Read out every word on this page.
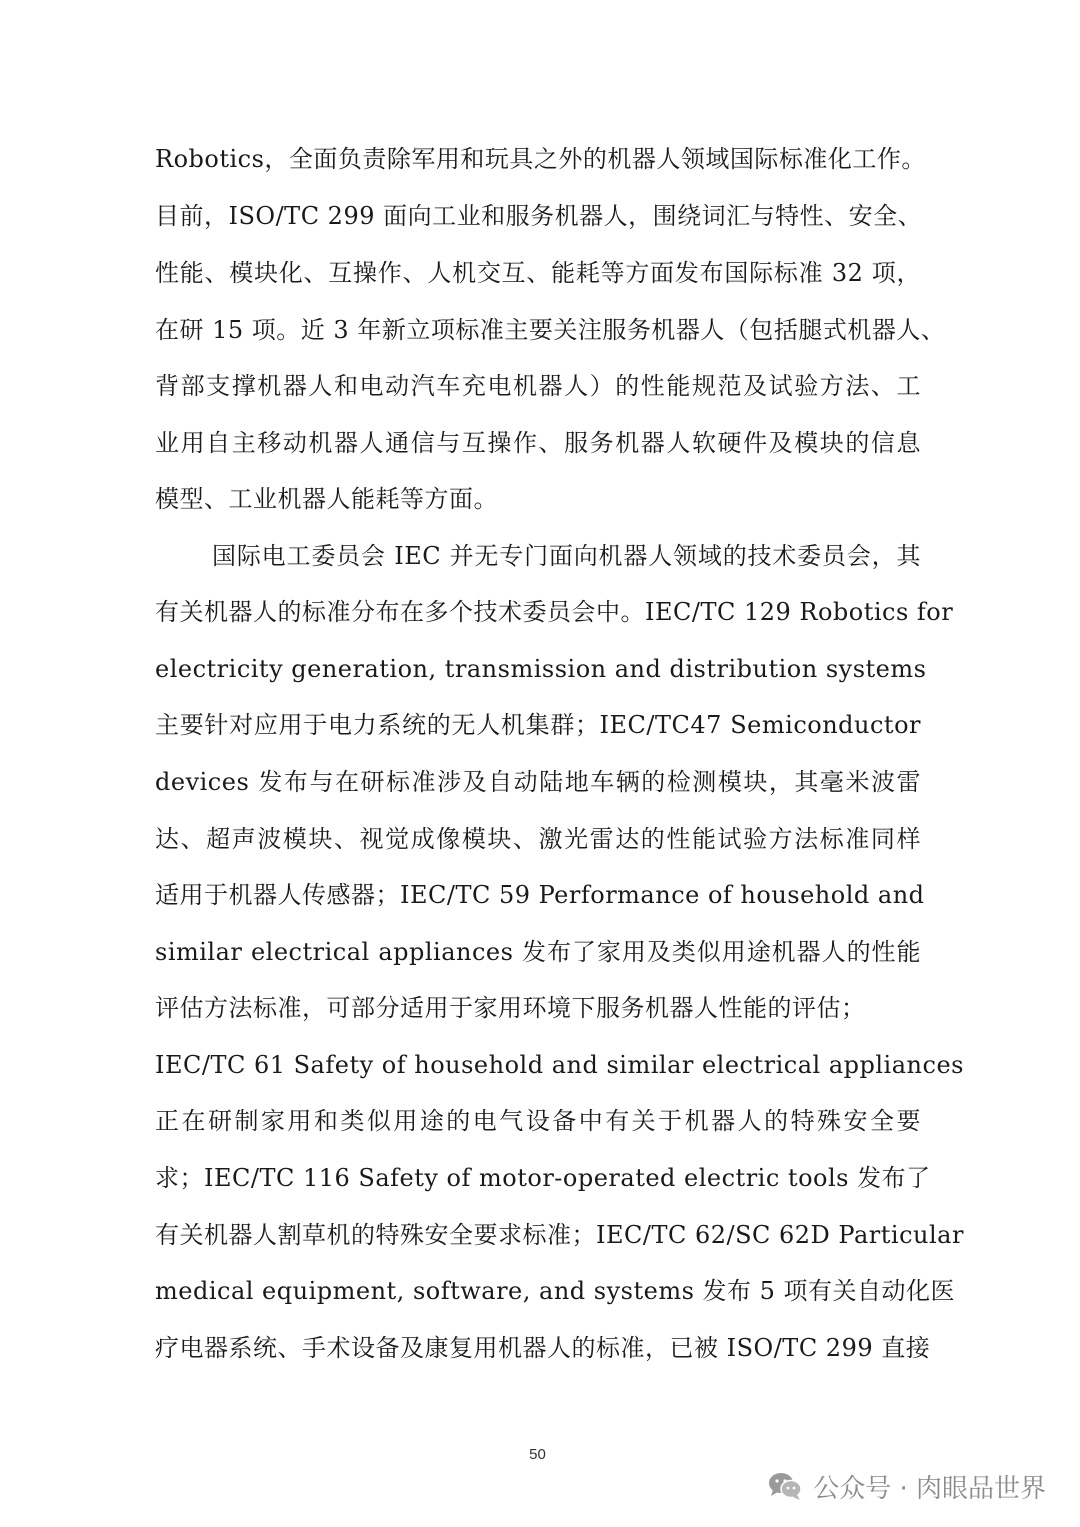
Robotics，全面负责除军用和玩具之外的机器人领域国际标准化工作。
目前，ISO/TC 299 面向工业和服务机器人，围绕词汇与特性、安全、
性能、模块化、互操作、人机交互、能耗等方面发布国际标准 32 项，
在研 15 项。近 3 年新立项标准主要关注服务机器人（包括腿式机器人、
背部支撑机器人和电动汽车充电机器人）的性能规范及试验方法、工
业用自主移动机器人通信与互操作、服务机器人软硬件及模块的信息
模型、工业机器人能耗等方面。
国际电工委员会 IEC 并无专门面向机器人领域的技术委员会，其
有关机器人的标准分布在多个技术委员会中。IEC/TC 129 Robotics for
electricity generation, transmission and distribution systems
主要针对应用于电力系统的无人机集群；IEC/TC47 Semiconductor
devices 发布与在研标准涉及自动陆地车辆的检测模块，其毫米波雷
达、超声波模块、视觉成像模块、激光雷达的性能试验方法标准同样
适用于机器人传感器；IEC/TC 59 Performance of household and
similar electrical appliances 发布了家用及类似用途机器人的性能
评估方法标准，可部分适用于家用环境下服务机器人性能的评估；
IEC/TC 61 Safety of household and similar electrical appliances
正在研制家用和类似用途的电气设备中有关于机器人的特殊安全要
求；IEC/TC 116 Safety of motor-operated electric tools 发布了
有关机器人割草机的特殊安全要求标准；IEC/TC 62/SC 62D Particular
medical equipment, software, and systems 发布 5 项有关自动化医
疗电器系统、手术设备及康复用机器人的标准，已被 ISO/TC 299 直接
50
公众号 · 肉眼品世界
